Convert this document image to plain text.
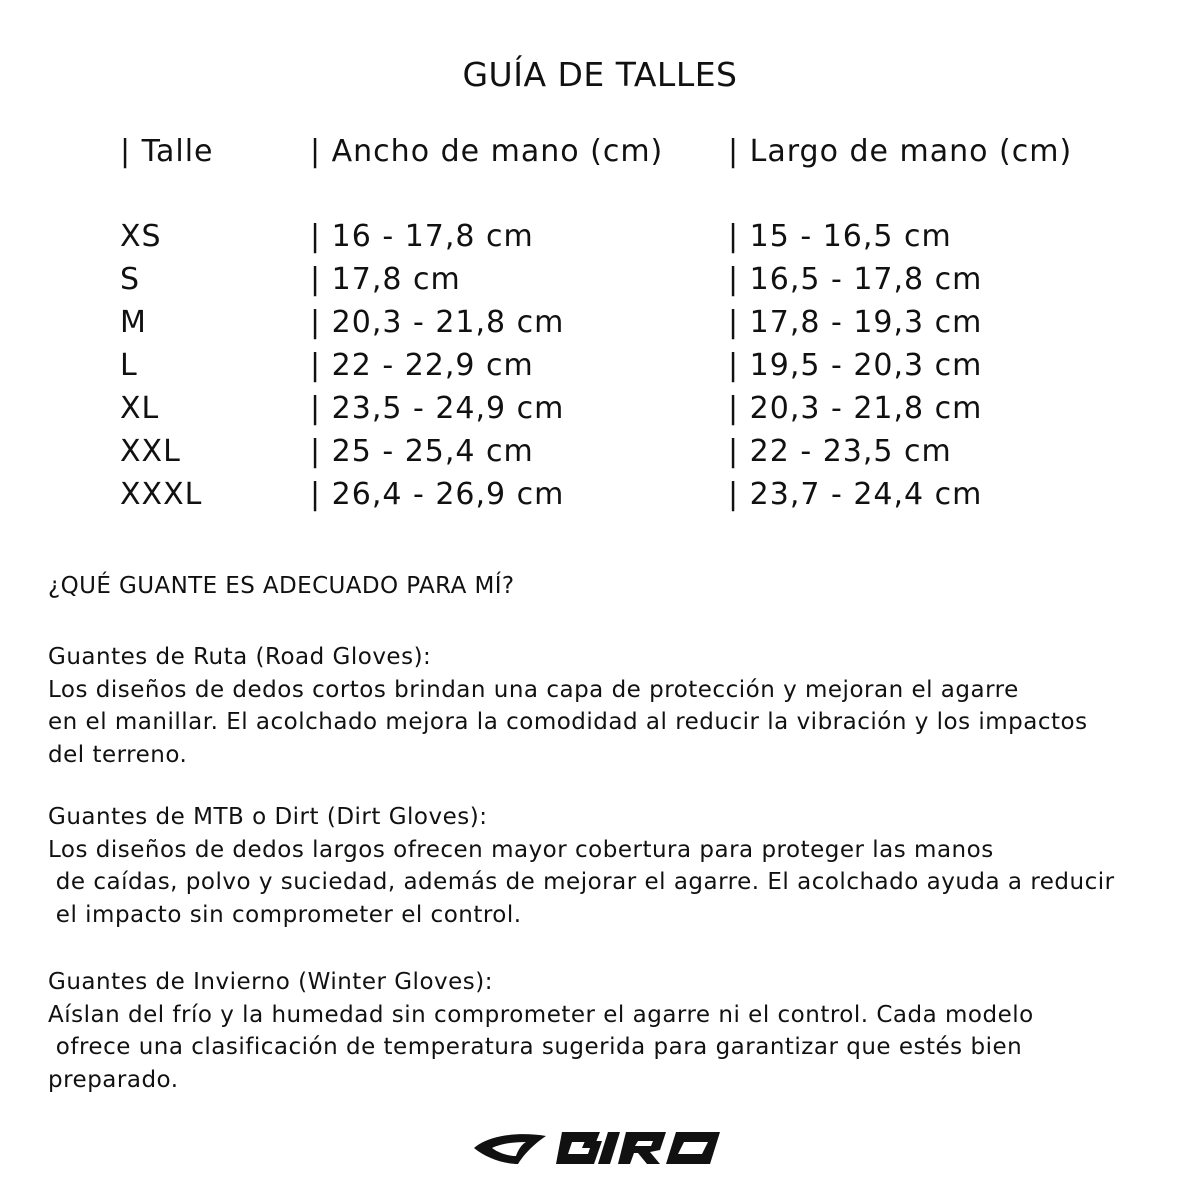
GUÍA DE TALLES
| Talle	| Ancho de mano (cm) | Largo de mano (cm)
XS	| 16 - 17,8 cm	| 15 - 16,5 cm
S	| 17,8 cm	| 16,5 - 17,8 cm
M	| 20,3 - 21,8 cm	| 17,8 - 19,3 cm
L	| 22 - 22,9 cm	| 19,5 - 20,3 cm
XL	| 23,5 - 24,9 cm	| 20,3 - 21,8 cm
XXL	| 25 - 25,4 cm	| 22 - 23,5 cm
XXXL	| 26,4 - 26,9 cm	| 23,7 - 24,4 cm
¿QUÉ GUANTE ES ADECUADO PARA MÍ?
Guantes de Ruta (Road Gloves):
Los diseños de dedos cortos brindan una capa de protección y mejoran el agarre
en el manillar. El acolchado mejora la comodidad al reducir la vibración y los impactos
del terreno.
Guantes de MTB o Dirt (Dirt Gloves):
Los diseños de dedos largos ofrecen mayor cobertura para proteger las manos
de caídas, polvo y suciedad, además de mejorar el agarre. El acolchado ayuda a reducir
el impacto sin comprometer el control.
Guantes de Invierno (Winter Gloves):
Aíslan del frío y la humedad sin comprometer el agarre ni el control. Cada modelo
ofrece una clasificación de temperatura sugerida para garantizar que estés bien
preparado.
